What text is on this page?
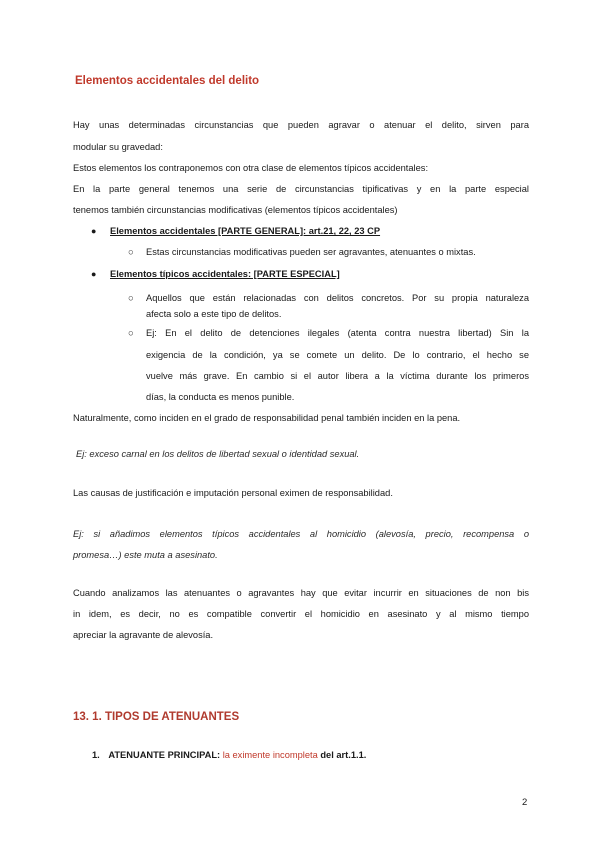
Elementos accidentales del delito
Hay unas determinadas circunstancias que pueden agravar o atenuar el delito, sirven para
modular su gravedad:
Estos elementos los contraponemos con otra clase de elementos típicos accidentales:
En la parte general tenemos una serie de circunstancias tipificativas y en la parte especial
tenemos también circunstancias modificativas (elementos típicos accidentales)
● Elementos accidentales [PARTE GENERAL]: art.21, 22, 23 CP
○ Estas circunstancias modificativas pueden ser agravantes, atenuantes o mixtas.
● Elementos típicos accidentales: [PARTE ESPECIAL]
○ Aquellos que están relacionadas con delitos concretos. Por su propia naturaleza
afecta solo a este tipo de delitos.
○ Ej: En el delito de detenciones ilegales (atenta contra nuestra libertad) Sin la
exigencia de la condición, ya se comete un delito. De lo contrario, el hecho se
vuelve más grave. En cambio si el autor libera a la víctima durante los primeros
días, la conducta es menos punible.
Naturalmente, como inciden en el grado de responsabilidad penal también inciden en la pena.
Ej: exceso carnal en los delitos de libertad sexual o identidad sexual.
Las causas de justificación e imputación personal eximen de responsabilidad.
Ej: si añadimos elementos típicos accidentales al homicidio (alevosía, precio, recompensa o
promesa…) este muta a asesinato.
Cuando analizamos las atenuantes o agravantes hay que evitar incurrir en situaciones de non bis
in idem, es decir, no es compatible convertir el homicidio en asesinato y al mismo tiempo
apreciar la agravante de alevosía.
13. 1. TIPOS DE ATENUANTES
1. ATENUANTE PRINCIPAL: la eximente incompleta del art.1.1.
2
